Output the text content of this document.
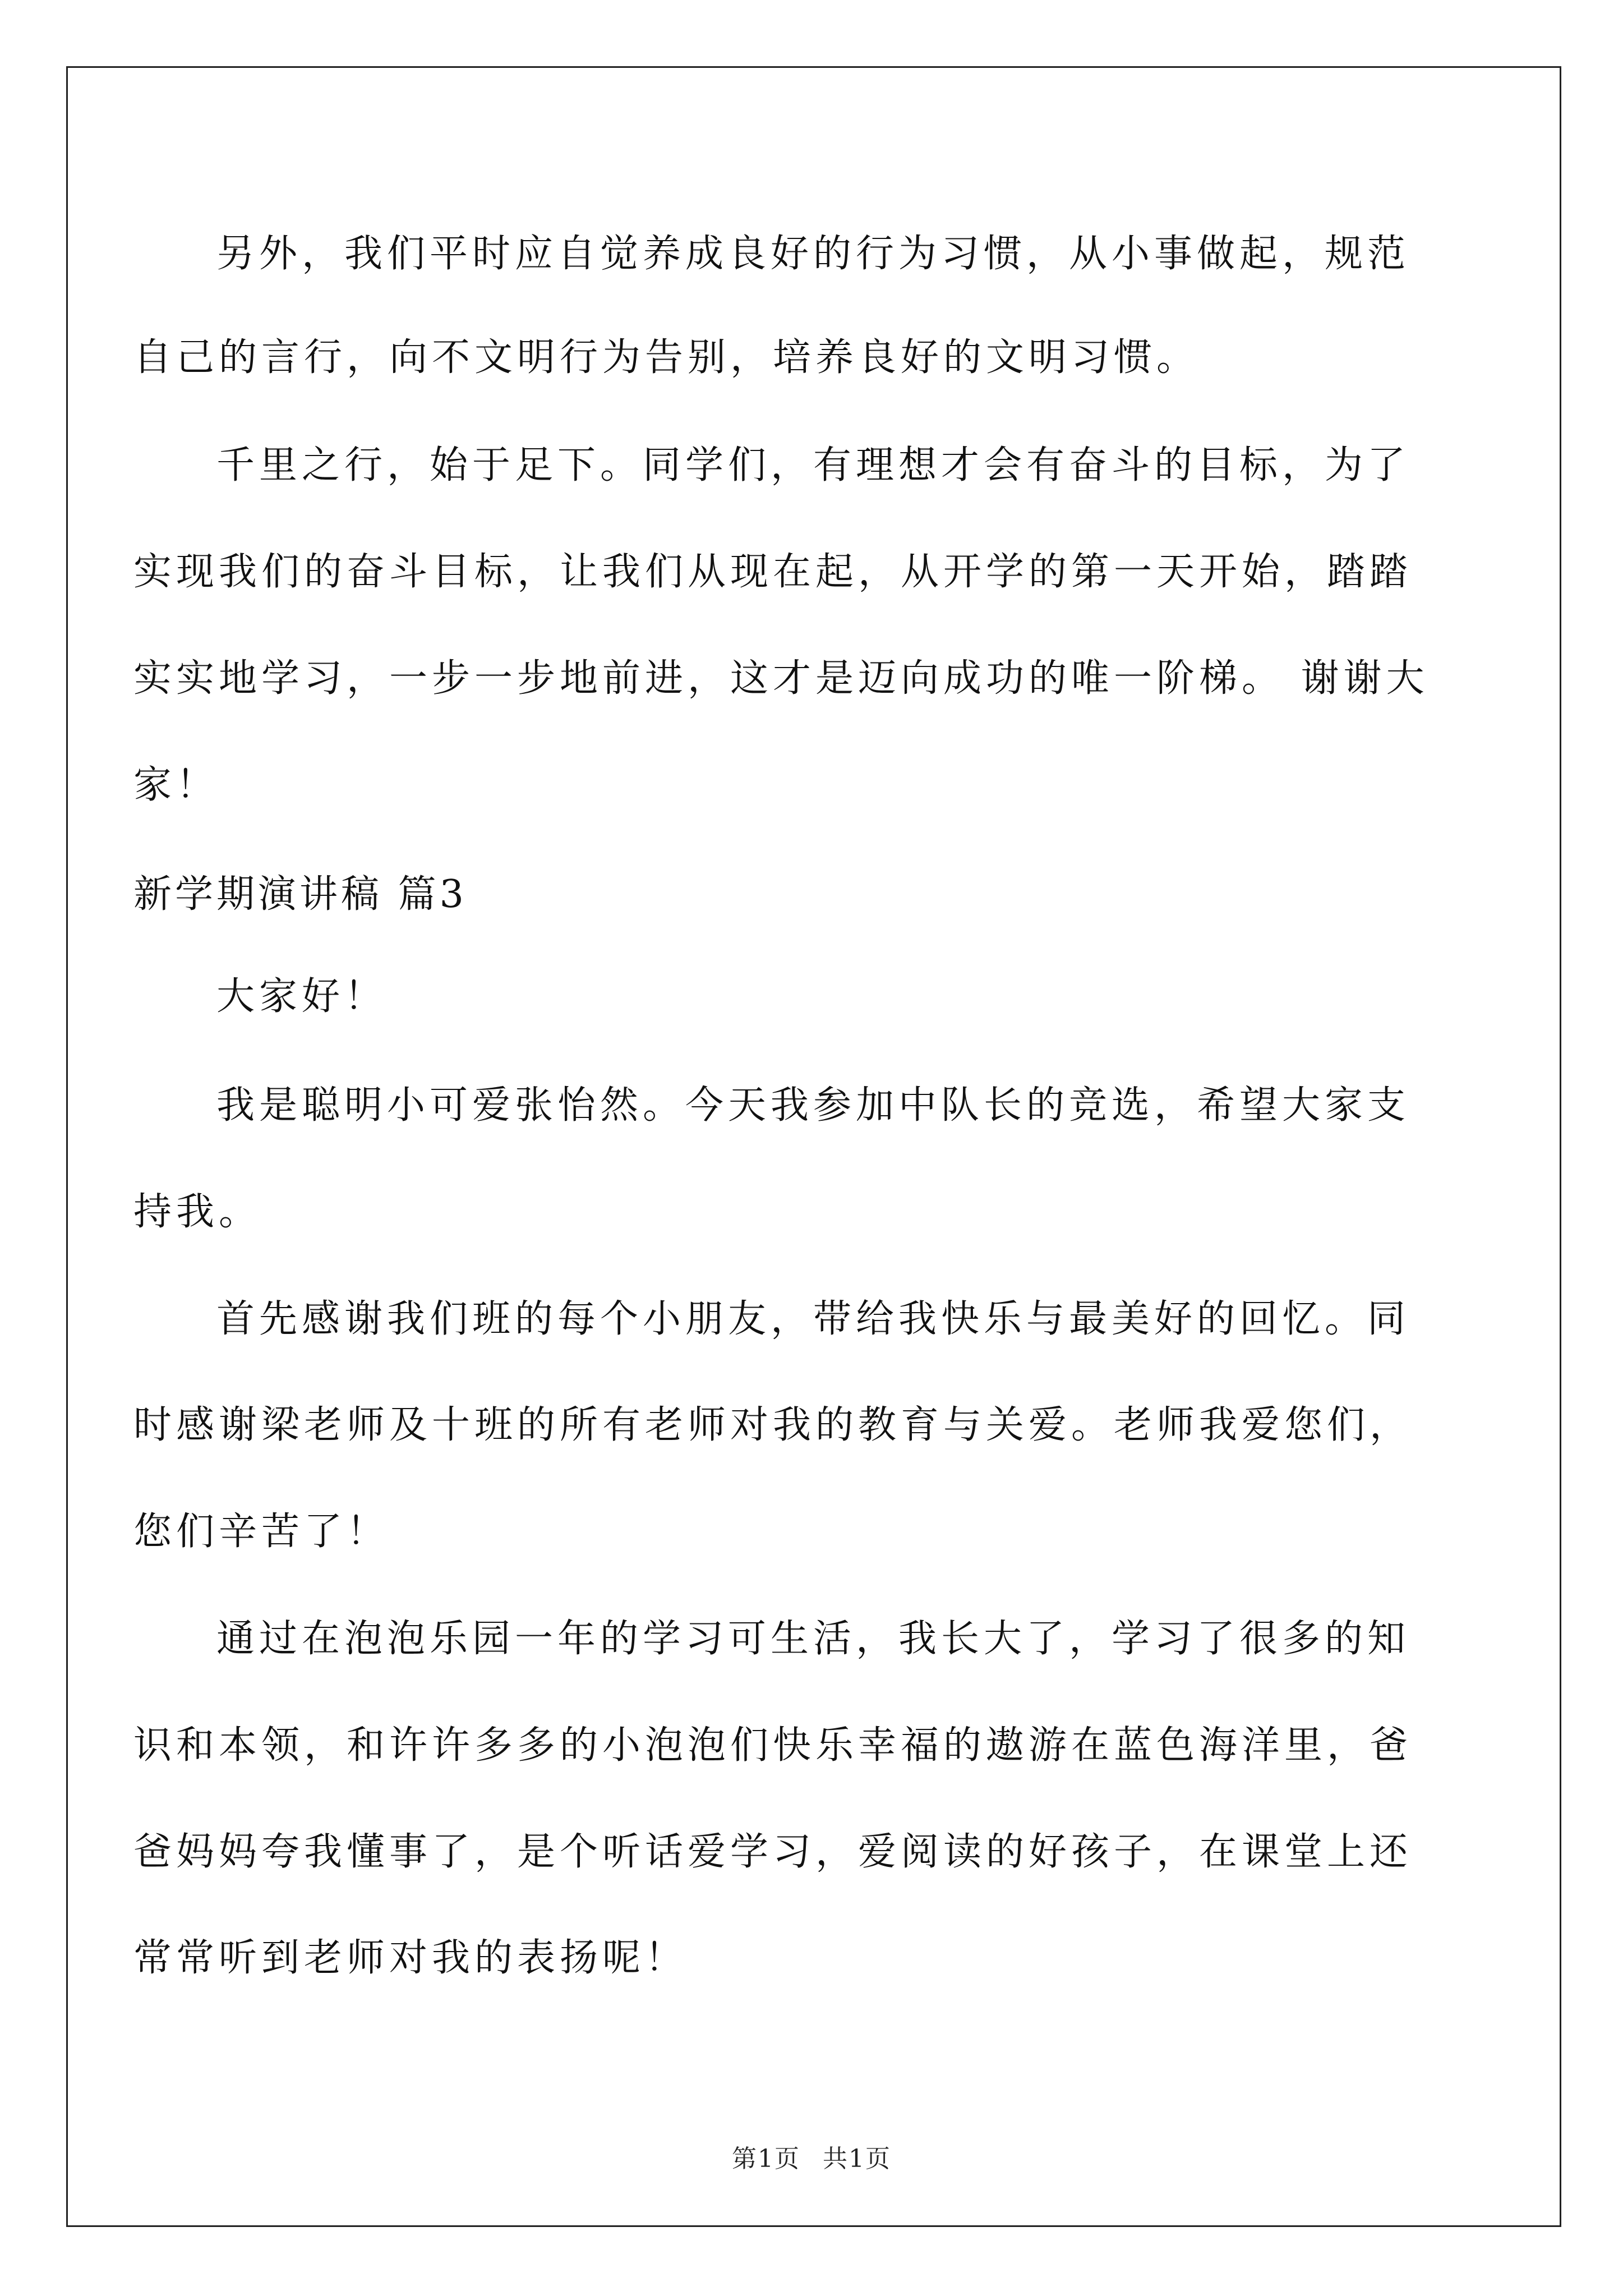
另外，我们平时应自觉养成良好的行为习惯，从小事做起，规范

自己的言行，向不文明行为告别，培养良好的文明习惯。

千里之行，始于足下。同学们，有理想才会有奋斗的目标，为了

实现我们的奋斗目标，让我们从现在起，从开学的第一天开始，踏踏

实实地学习，一步一步地前进，这才是迈向成功的唯一阶梯。 谢谢大

家！

新学期演讲稿 篇3

大家好！

我是聪明小可爱张怡然。今天我参加中队长的竞选，希望大家支

持我。

首先感谢我们班的每个小朋友，带给我快乐与最美好的回忆。同

时感谢梁老师及十班的所有老师对我的教育与关爱。老师我爱您们，

您们辛苦了！

通过在泡泡乐园一年的学习可生活，我长大了，学习了很多的知

识和本领，和许许多多的小泡泡们快乐幸福的遨游在蓝色海洋里，爸

爸妈妈夸我懂事了，是个听话爱学习，爱阅读的好孩子，在课堂上还

常常听到老师对我的表扬呢！

第1页 共1页
